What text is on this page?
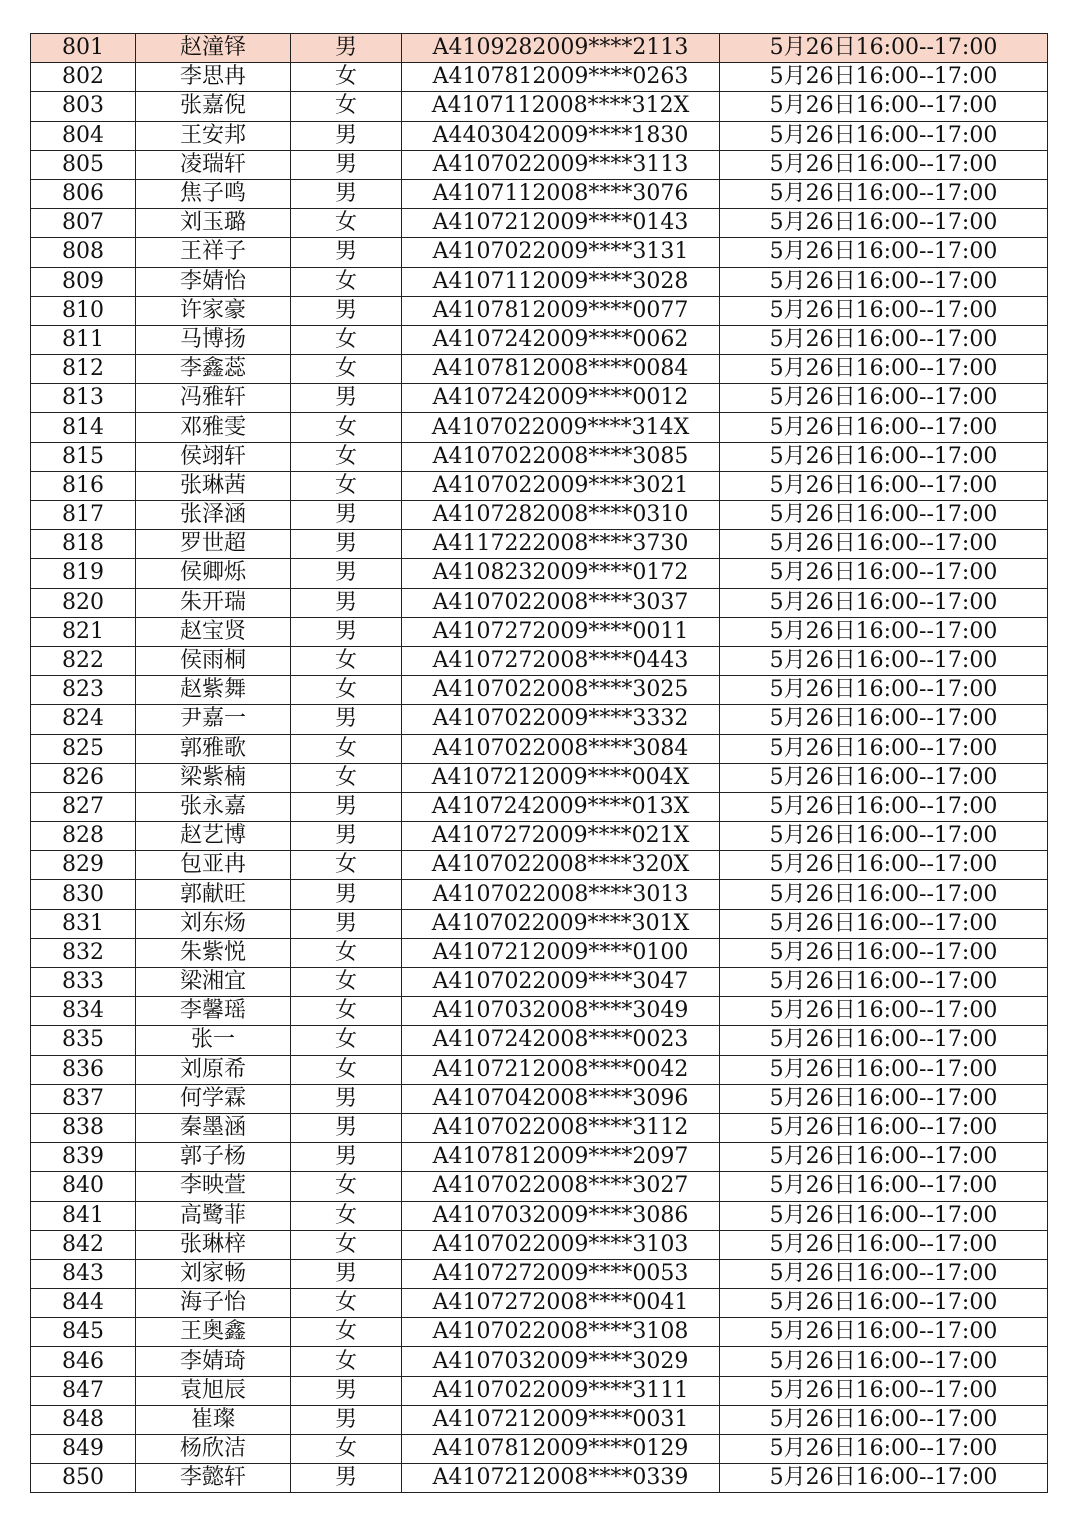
801	赵潼铎	男	A4109282009****2113	5月26日16:00--17:00
802	李思冉	女	A4107812009****0263	5月26日16:00--17:00
803	张嘉倪	女	A4107112008****312X	5月26日16:00--17:00
804	王安邦	男	A4403042009****1830	5月26日16:00--17:00
805	凌瑞轩	男	A4107022009****3113	5月26日16:00--17:00
806	焦子鸣	男	A4107112008****3076	5月26日16:00--17:00
807	刘玉璐	女	A4107212009****0143	5月26日16:00--17:00
808	王祥子	男	A4107022009****3131	5月26日16:00--17:00
809	李婧怡	女	A4107112009****3028	5月26日16:00--17:00
810	许家豪	男	A4107812009****0077	5月26日16:00--17:00
811	马博扬	女	A4107242009****0062	5月26日16:00--17:00
812	李鑫蕊	女	A4107812008****0084	5月26日16:00--17:00
813	冯雅轩	男	A4107242009****0012	5月26日16:00--17:00
814	邓雅雯	女	A4107022009****314X	5月26日16:00--17:00
815	侯翊轩	女	A4107022008****3085	5月26日16:00--17:00
816	张琳茜	女	A4107022009****3021	5月26日16:00--17:00
817	张泽涵	男	A4107282008****0310	5月26日16:00--17:00
818	罗世超	男	A4117222008****3730	5月26日16:00--17:00
819	侯卿烁	男	A4108232009****0172	5月26日16:00--17:00
820	朱开瑞	男	A4107022008****3037	5月26日16:00--17:00
821	赵宝贤	男	A4107272009****0011	5月26日16:00--17:00
822	侯雨桐	女	A4107272008****0443	5月26日16:00--17:00
823	赵紫舞	女	A4107022008****3025	5月26日16:00--17:00
824	尹嘉一	男	A4107022009****3332	5月26日16:00--17:00
825	郭雅歌	女	A4107022008****3084	5月26日16:00--17:00
826	梁紫楠	女	A4107212009****004X	5月26日16:00--17:00
827	张永嘉	男	A4107242009****013X	5月26日16:00--17:00
828	赵艺博	男	A4107272009****021X	5月26日16:00--17:00
829	包亚冉	女	A4107022008****320X	5月26日16:00--17:00
830	郭献旺	男	A4107022008****3013	5月26日16:00--17:00
831	刘东炀	男	A4107022009****301X	5月26日16:00--17:00
832	朱紫悦	女	A4107212009****0100	5月26日16:00--17:00
833	梁湘宜	女	A4107022009****3047	5月26日16:00--17:00
834	李馨瑶	女	A4107032008****3049	5月26日16:00--17:00
835	张一	女	A4107242008****0023	5月26日16:00--17:00
836	刘原希	女	A4107212008****0042	5月26日16:00--17:00
837	何学霖	男	A4107042008****3096	5月26日16:00--17:00
838	秦墨涵	男	A4107022008****3112	5月26日16:00--17:00
839	郭子杨	男	A4107812009****2097	5月26日16:00--17:00
840	李映萱	女	A4107022008****3027	5月26日16:00--17:00
841	高鹭菲	女	A4107032009****3086	5月26日16:00--17:00
842	张琳梓	女	A4107022009****3103	5月26日16:00--17:00
843	刘家畅	男	A4107272009****0053	5月26日16:00--17:00
844	海子怡	女	A4107272008****0041	5月26日16:00--17:00
845	王奥鑫	女	A4107022008****3108	5月26日16:00--17:00
846	李婧琦	女	A4107032009****3029	5月26日16:00--17:00
847	袁旭辰	男	A4107022009****3111	5月26日16:00--17:00
848	崔璨	男	A4107212009****0031	5月26日16:00--17:00
849	杨欣洁	女	A4107812009****0129	5月26日16:00--17:00
850	李懿轩	男	A4107212008****0339	5月26日16:00--17:00
